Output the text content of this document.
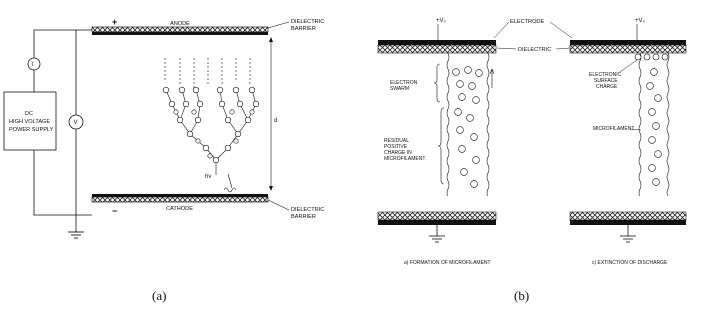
ANODE
+
CATHODE
−
DIELECTRIC
BARRIER
DIELECTRIC
BARRIER
I
V
DC
HIGH VOLTAGE
POWER SUPPLY
d
hν
(a)
+V₀	+V₀
ELECTRODE
DIELECTRIC
ELECTRON
SWARM
RESIDUAL
POSITIVE
CHARGE IN
MICROFILAMENT
a) FORMATION OF MICROFILAMENT
ELECTRONIC
SURFACE
CHARGE
MICROFILAMENT
c) EXTINCTION OF DISCHARGE
(b)
